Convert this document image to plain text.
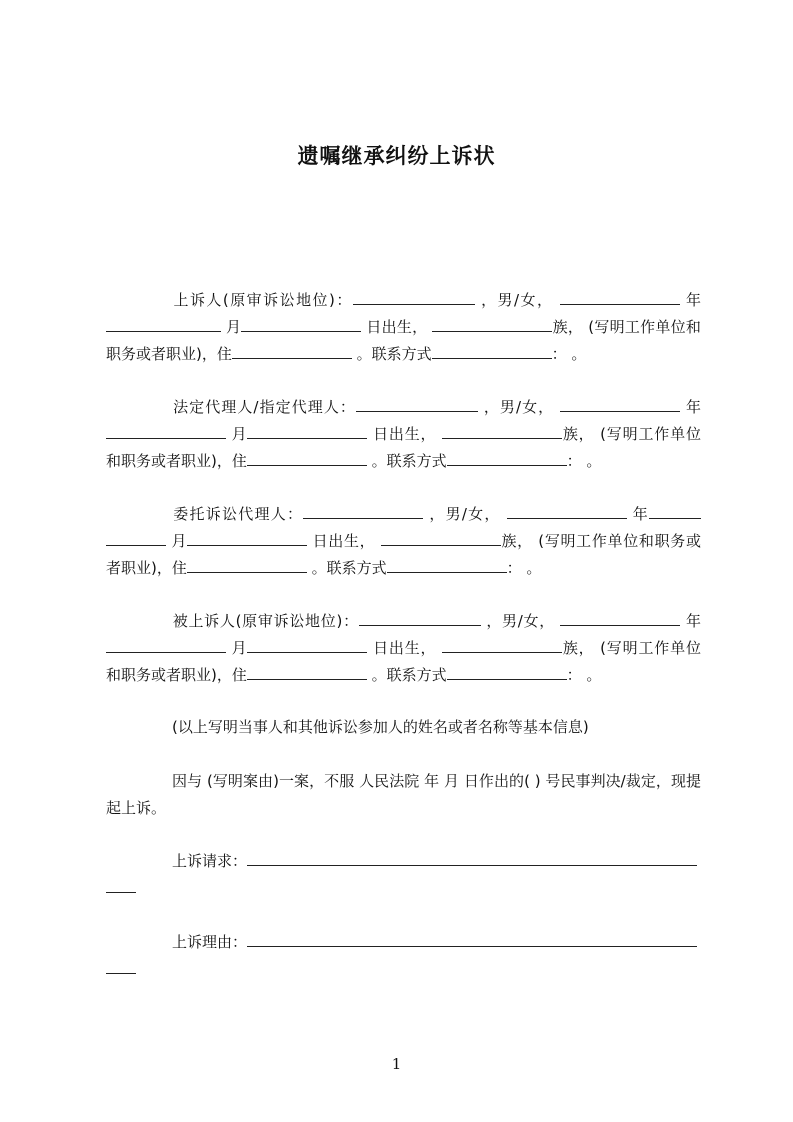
遗嘱继承纠纷上诉状

上诉人(原审诉讼地位)：	，男/女，	年 月	日出生，	族， (写明工作单位和职务或者职业)，住	。联系方式	： 。

法定代理人/指定代理人：	，男/女，	年  月	日出生，	族， (写明工作单位和职务或者职业)，住	。联系方式	： 。

委托诉讼代理人：	，男/女，	年  月	日出生，	族， (写明工作单位和职务或者职业)，住	。联系方式	： 。

被上诉人(原审诉讼地位)：	，男/女，	年 月	日出生，	族， (写明工作单位和职务或者职业)，住	。联系方式	： 。

(以上写明当事人和其他诉讼参加人的姓名或者名称等基本信息)

因与 (写明案由)一案，不服 人民法院 年 月 日作出的( ) 号民事判决/裁定，现提起上诉。

上诉请求：

上诉理由：

1
